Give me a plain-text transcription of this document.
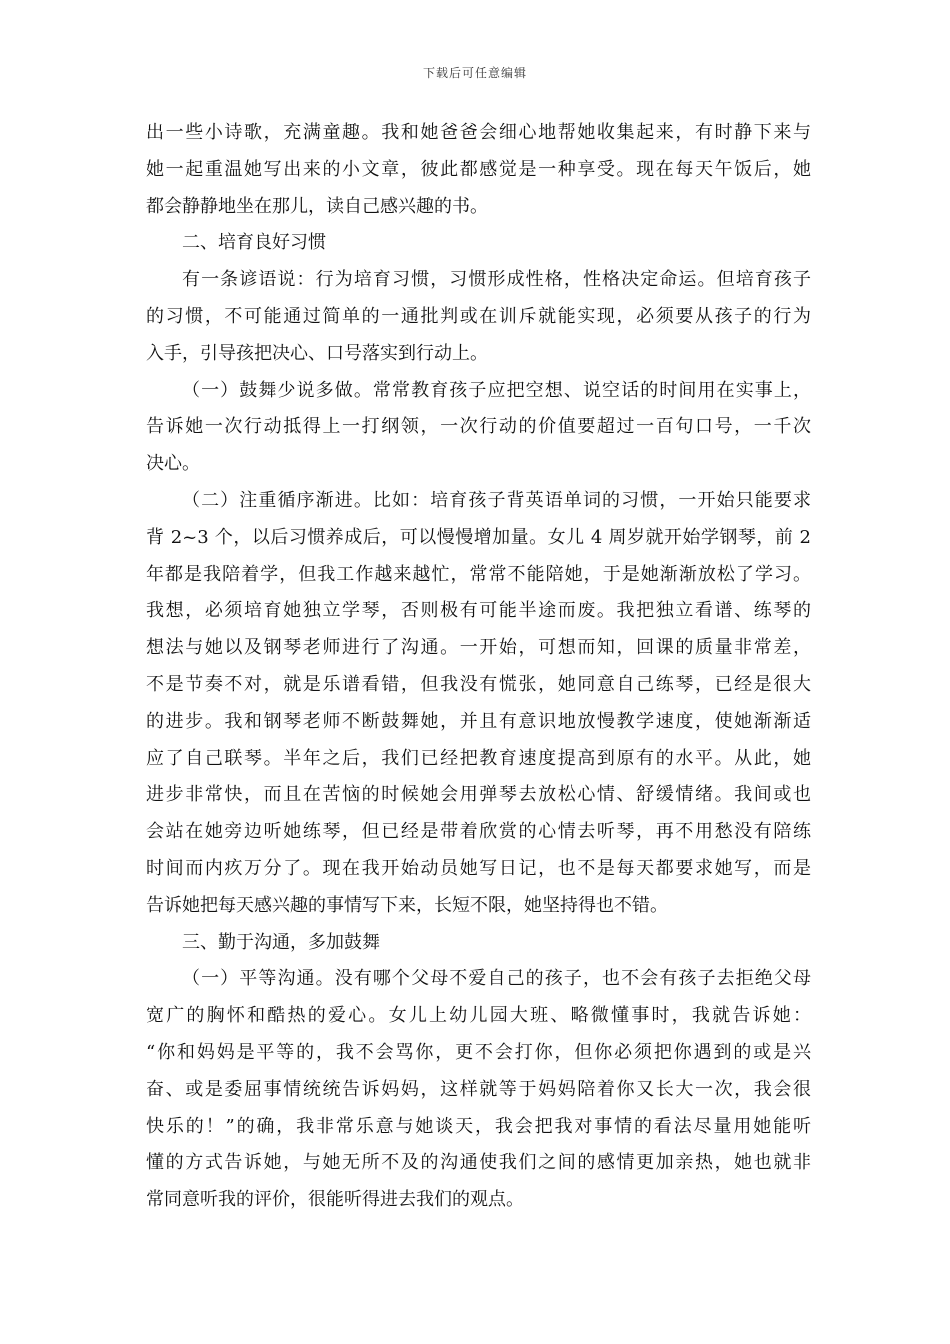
下载后可任意编辑
出一些小诗歌，充满童趣。我和她爸爸会细心地帮她收集起来，有时静下来与
她一起重温她写出来的小文章，彼此都感觉是一种享受。现在每天午饭后，她
都会静静地坐在那儿，读自己感兴趣的书。
二、培育良好习惯
有一条谚语说：行为培育习惯，习惯形成性格，性格决定命运。但培育孩子
的习惯，不可能通过简单的一通批判或在训斥就能实现，必须要从孩子的行为
入手，引导孩把决心、口号落实到行动上。
（一）鼓舞少说多做。常常教育孩子应把空想、说空话的时间用在实事上，
告诉她一次行动抵得上一打纲领，一次行动的价值要超过一百句口号，一千次
决心。
（二）注重循序渐进。比如：培育孩子背英语单词的习惯，一开始只能要求
背 2~3 个，以后习惯养成后，可以慢慢增加量。女儿 4 周岁就开始学钢琴，前 2
年都是我陪着学，但我工作越来越忙，常常不能陪她，于是她渐渐放松了学习。
我想，必须培育她独立学琴，否则极有可能半途而废。我把独立看谱、练琴的
想法与她以及钢琴老师进行了沟通。一开始，可想而知，回课的质量非常差，
不是节奏不对，就是乐谱看错，但我没有慌张，她同意自己练琴，已经是很大
的进步。我和钢琴老师不断鼓舞她，并且有意识地放慢教学速度，使她渐渐适
应了自己联琴。半年之后，我们已经把教育速度提高到原有的水平。从此，她
进步非常快，而且在苦恼的时候她会用弹琴去放松心情、舒缓情绪。我间或也
会站在她旁边听她练琴，但已经是带着欣赏的心情去听琴，再不用愁没有陪练
时间而内疚万分了。现在我开始动员她写日记，也不是每天都要求她写，而是
告诉她把每天感兴趣的事情写下来，长短不限，她坚持得也不错。
三、勤于沟通，多加鼓舞
（一）平等沟通。没有哪个父母不爱自己的孩子，也不会有孩子去拒绝父母
宽广的胸怀和酷热的爱心。女儿上幼儿园大班、略微懂事时，我就告诉她：
“你和妈妈是平等的，我不会骂你，更不会打你，但你必须把你遇到的或是兴
奋、或是委屈事情统统告诉妈妈，这样就等于妈妈陪着你又长大一次，我会很
快乐的！”的确，我非常乐意与她谈天，我会把我对事情的看法尽量用她能听
懂的方式告诉她，与她无所不及的沟通使我们之间的感情更加亲热，她也就非
常同意听我的评价，很能听得进去我们的观点。
